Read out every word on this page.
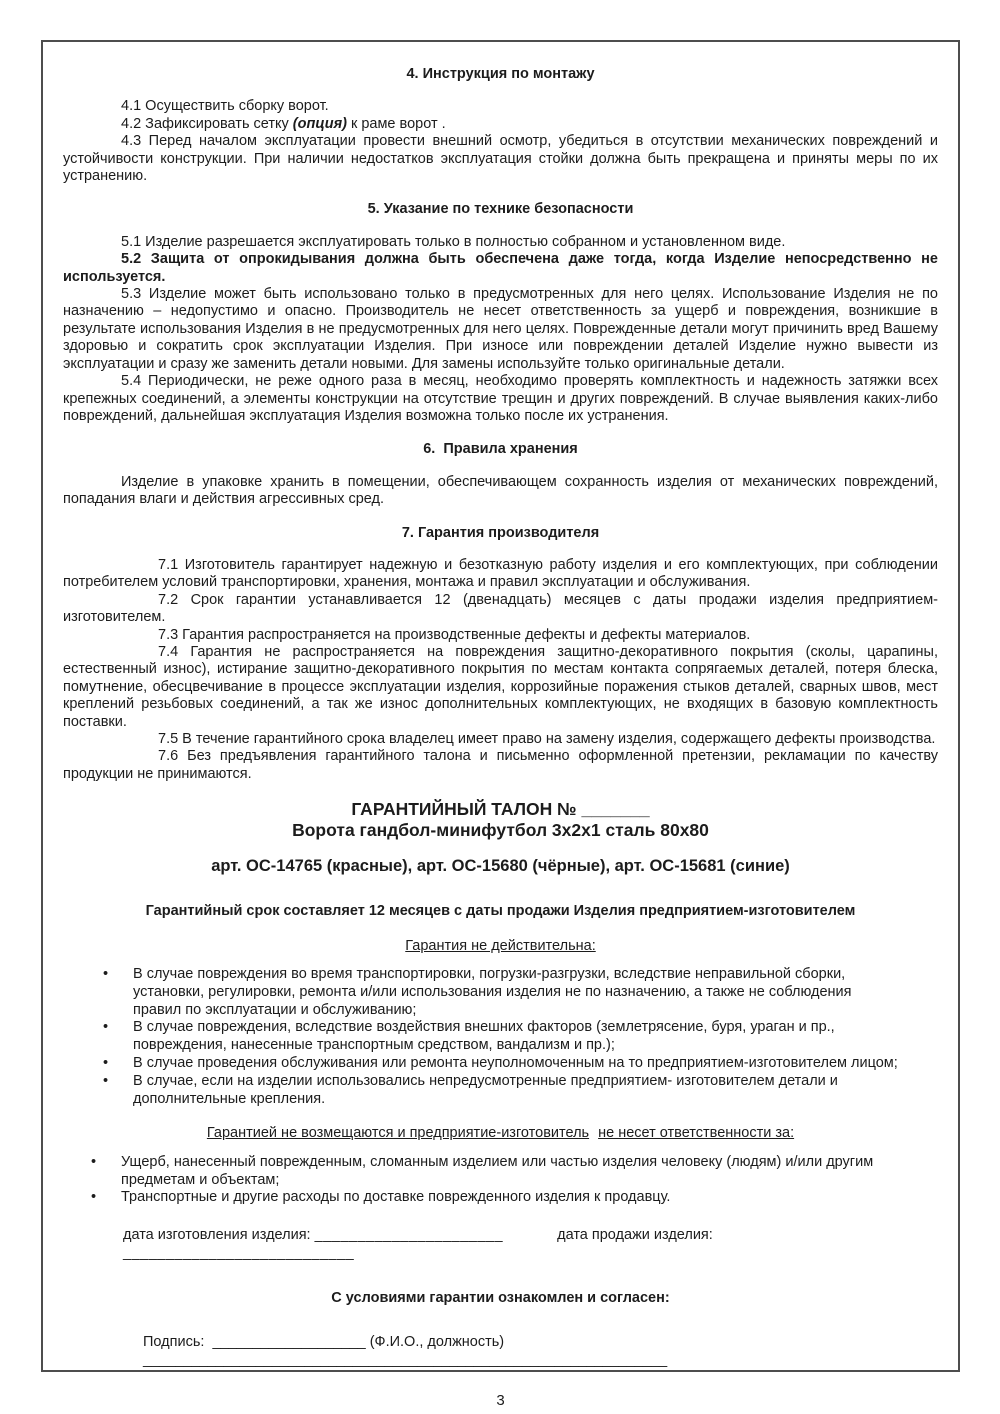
4. Инструкция по монтажу

4.1 Осуществить сборку ворот.

4.2 Зафиксировать сетку (опция) к раме ворот .

4.3 Перед началом эксплуатации провести внешний осмотр, убедиться в отсутствии механических повреждений и устойчивости конструкции. При наличии недостатков эксплуатация стойки должна быть прекращена и приняты меры по их устранению.

5. Указание по технике безопасности

5.1 Изделие разрешается эксплуатировать только в полностью собранном и установленном виде.

5.2 Защита от опрокидывания должна быть обеспечена даже тогда, когда Изделие непосредственно не используется.

5.3 Изделие может быть использовано только в предусмотренных для него целях. Использование Изделия не по назначению – недопустимо и опасно. Производитель не несет ответственность за ущерб и повреждения, возникшие в результате использования Изделия в не предусмотренных для него целях. Поврежденные детали могут причинить вред Вашему здоровью и сократить срок эксплуатации Изделия. При износе или повреждении деталей Изделие нужно вывести из эксплуатации и сразу же заменить детали новыми. Для замены используйте только оригинальные детали.

5.4 Периодически, не реже одного раза в месяц, необходимо проверять комплектность и надежность затяжки всех крепежных соединений, а элементы конструкции на отсутствие трещин и других повреждений. В случае выявления каких-либо повреждений, дальнейшая эксплуатация Изделия возможна только после их устранения.

6.  Правила хранения

Изделие в упаковке хранить в помещении, обеспечивающем сохранность изделия от механических повреждений, попадания влаги и действия агрессивных сред.

7. Гарантия производителя

7.1 Изготовитель гарантирует надежную и безотказную работу изделия и его комплектующих, при соблюдении потребителем условий транспортировки, хранения, монтажа и правил эксплуатации и обслуживания.

7.2 Срок гарантии устанавливается 12 (двенадцать) месяцев с даты продажи изделия предприятием-изготовителем.

7.3 Гарантия распространяется на производственные дефекты и дефекты материалов.

7.4 Гарантия не распространяется на повреждения защитно-декоративного покрытия (сколы, царапины, естественный износ), истирание защитно-декоративного покрытия по местам контакта сопрягаемых деталей, потеря блеска, помутнение, обесцвечивание в процессе эксплуатации изделия, коррозийные поражения стыков деталей, сварных швов, мест креплений резьбовых соединений, а так же износ дополнительных комплектующих, не входящих в базовую комплектность поставки.

7.5 В течение гарантийного срока владелец имеет право на замену изделия, содержащего дефекты производства.

7.6 Без предъявления гарантийного талона и письменно оформленной претензии, рекламации по качеству продукции не принимаются.

ГАРАНТИЙНЫЙ ТАЛОН № _______
Ворота гандбол-минифутбол 3х2х1 сталь 80х80
арт. ОС-14765 (красные), арт. ОС-15680 (чёрные), арт. ОС-15681 (синие)
Гарантийный срок составляет 12 месяцев с даты продажи Изделия предприятием-изготовителем
Гарантия не действительна:
• В случае повреждения во время транспортировки, погрузки-разгрузки, вследствие неправильной сборки, установки, регулировки, ремонта и/или использования изделия не по назначению, а также не соблюдения правил по эксплуатации и обслуживанию;
• В случае повреждения, вследствие воздействия внешних факторов (землетрясение, буря, ураган и пр., повреждения, нанесенные транспортным средством, вандализм и пр.);
• В случае проведения обслуживания или ремонта неуполномоченным на то предприятием-изготовителем лицом;
• В случае, если на изделии использовались непредусмотренные предприятием- изготовителем детали и дополнительные крепления.
Гарантией не возмещаются и предприятие-изготовитель не несет ответственности за:
• Ущерб, нанесенный поврежденным, сломанным изделием или частью изделия человеку (людям) и/или другим предметам и объектам;
• Транспортные и другие расходы по доставке поврежденного изделия к продавцу.
дата изготовления изделия: ______________________	дата продажи изделия: ___________________________
С условиями гарантии ознакомлен и согласен:
Подпись: ___________________ (Ф.И.О., должность) _________________________________________________________________
3
